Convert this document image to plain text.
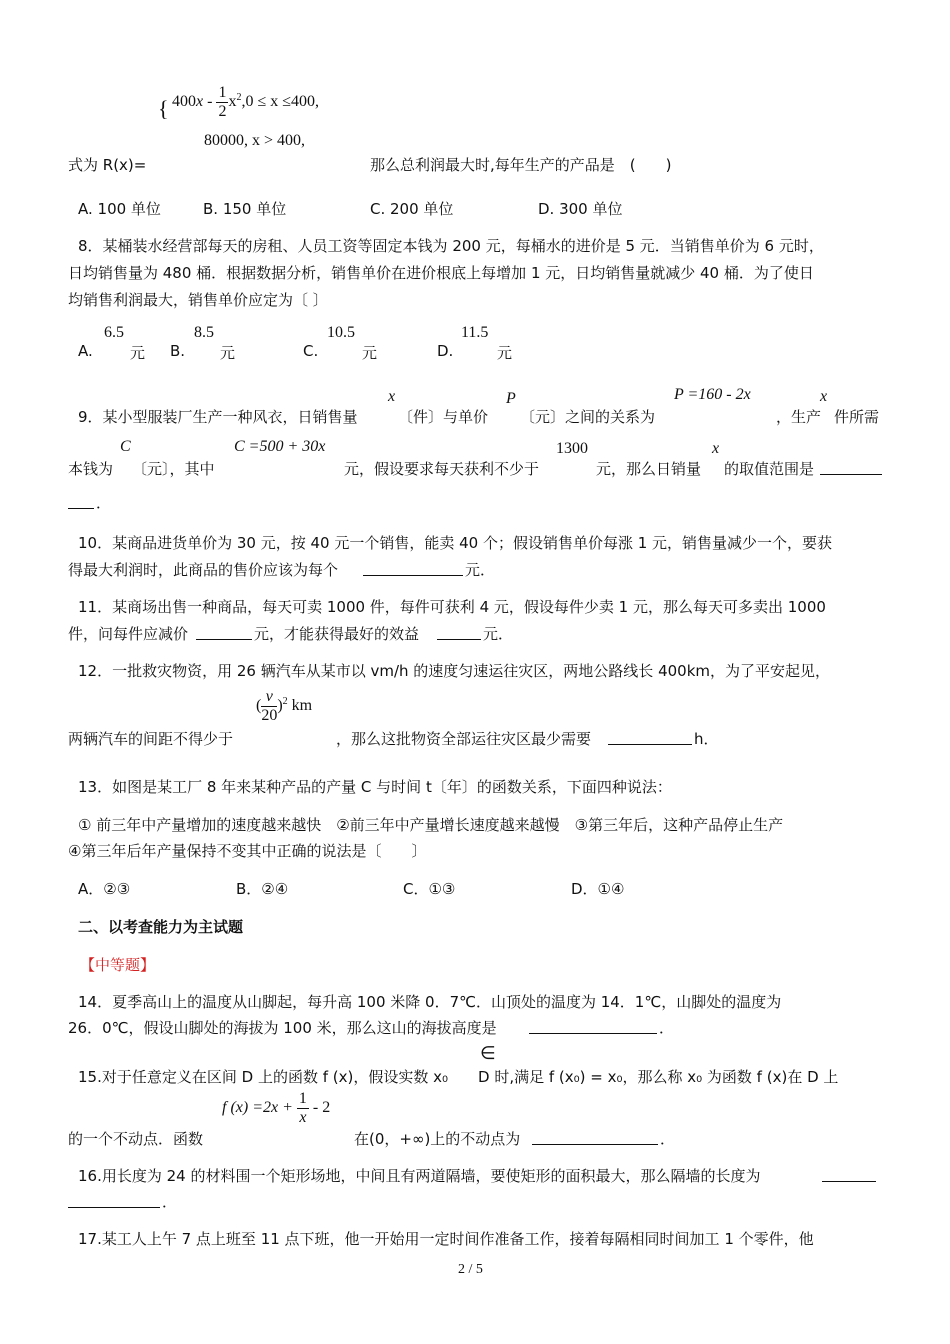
{ $400x - \frac{1}{2} x^2,0 \le x \le 400$,
80000, x > 400,
式为 R(x)=	那么总利润最大时,每年生产的产品是　(　　)
A. 100 单位	B. 150 单位	C. 200 单位	D. 300 单位
8．某桶装水经营部每天的房租、人员工资等固定本钱为 200 元，每桶水的进价是 5 元．当销售单价为 6 元时，
日均销售量为 480 桶．根据数据分析，销售单价在进价根底上每增加 1 元，日均销售量就减少 40 桶．为了使日
均销售利润最大，销售单价应定为〔 〕
A.
6.5
元 B.
8.5
元	C.
10.5
元	D.
11.5
元
x	P	P =160 - 2x	x
9．某小型服装厂生产一种风衣，日销售量	〔件〕与单价 〔元〕之间的关系为	，生产 件所需
C	C =500 + 30x	1300	x
本钱为 〔元〕，其中	元，假设要求每天获利不少于	元，那么日销量 的取值范围是
．
10．某商品进货单价为 30 元，按 40 元一个销售，能卖 40 个；假设销售单价每涨 1 元，销售量减少一个，要获
得最大利润时，此商品的售价应该为每个	元．
11．某商场出售一种商品，每天可卖 1000 件，每件可获利 4 元，假设每件少卖 1 元，那么每天可多卖出 1000
件，问每件应减价	元，才能获得最好的效益	元．
12．一批救灾物资，用 26 辆汽车从某市以 vm/h 的速度匀速运往灾区，两地公路线长 400km，为了平安起见，
( $\frac{v}{20} )^2$ km
两辆汽车的间距不得少于	，那么这批物资全部运往灾区最少需要	h．
13．如图是某工厂 8 年来某种产品的产量 C 与时间 t〔年〕的函数关系，下面四种说法：
① 前三年中产量增加的速度越来越快　②前三年中产量增长速度越来越慢　③第三年后，这种产品停止生产
④第三年后年产量保持不变其中正确的说法是〔　　〕
A．②③	B．②④	C．①③	D．①④
二、以考查能力为主试题
【中等题】
14．夏季高山上的温度从山脚起，每升高 100 米降 0．7℃．山顶处的温度为 14．1℃，山脚处的温度为
26．0℃，假设山脚处的海拔为 100 米，那么这山的海拔高度是	．
∈
15.对于任意定义在区间 D 上的函数 f (x)，假设实数 x₀　　D 时,满足 f (x₀) = x₀，那么称 x₀ 为函数 f (x)在 D 上
f $(x) =2x + \frac{1}{x} - 2$
的一个不动点．函数	在(0，+∞)上的不动点为	．
16.用长度为 24 的材料围一个矩形场地，中间且有两道隔墙，要使矩形的面积最大，那么隔墙的长度为
．
17.某工人上午 7 点上班至 11 点下班，他一开始用一定时间作准备工作，接着每隔相同时间加工 1 个零件，他
2 / 5
